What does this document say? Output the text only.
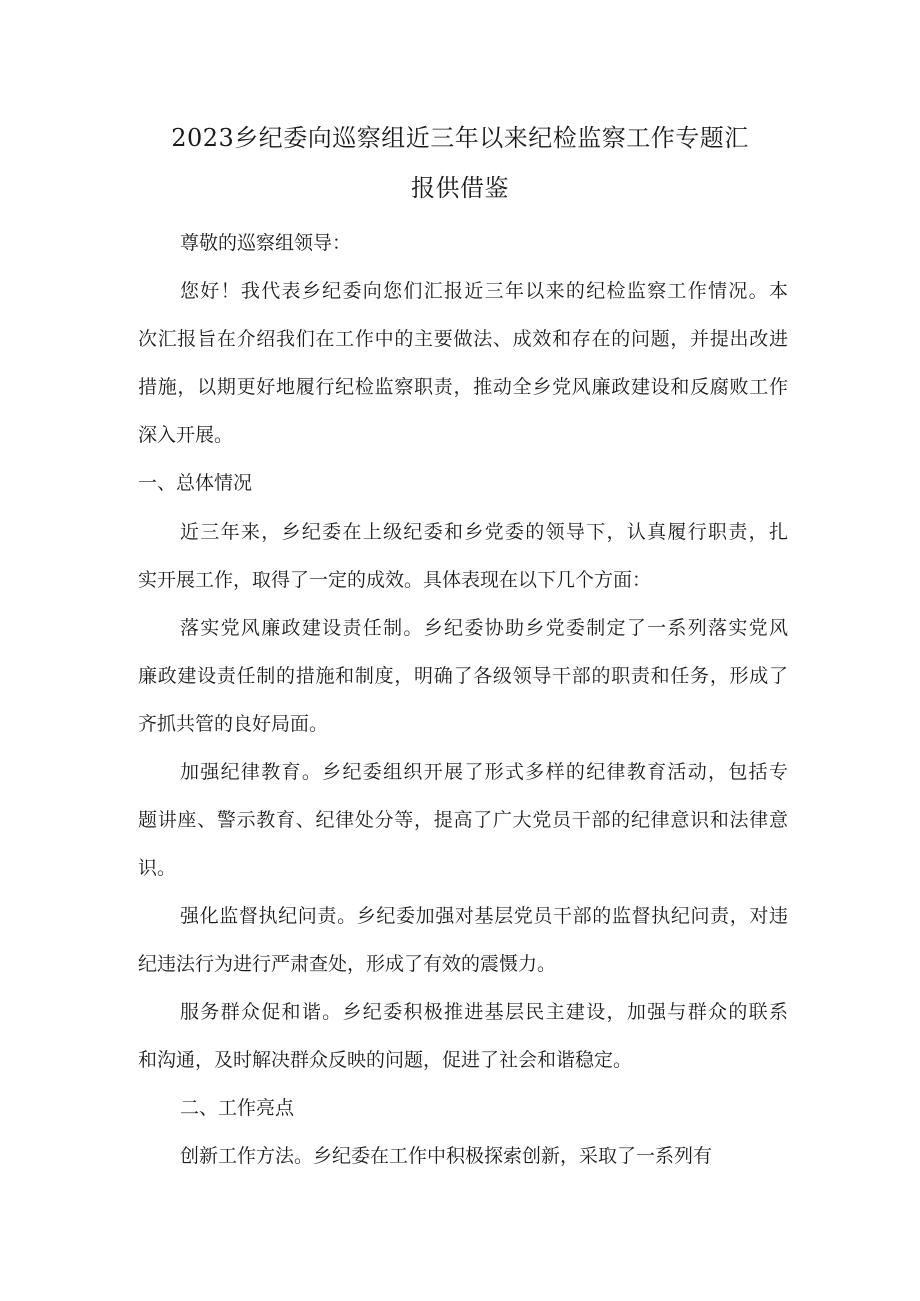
2023乡纪委向巡察组近三年以来纪检监察工作专题汇
报供借鉴
尊敬的巡察组领导：
您好！我代表乡纪委向您们汇报近三年以来的纪检监察工作情况。本
次汇报旨在介绍我们在工作中的主要做法、成效和存在的问题，并提出改进
措施，以期更好地履行纪检监察职责，推动全乡党风廉政建设和反腐败工作
深入开展。
一、总体情况
近三年来，乡纪委在上级纪委和乡党委的领导下，认真履行职责，扎
实开展工作，取得了一定的成效。具体表现在以下几个方面：
落实党风廉政建设责任制。乡纪委协助乡党委制定了一系列落实党风
廉政建设责任制的措施和制度，明确了各级领导干部的职责和任务，形成了
齐抓共管的良好局面。
加强纪律教育。乡纪委组织开展了形式多样的纪律教育活动，包括专
题讲座、警示教育、纪律处分等，提高了广大党员干部的纪律意识和法律意
识。
强化监督执纪问责。乡纪委加强对基层党员干部的监督执纪问责，对违
纪违法行为进行严肃查处，形成了有效的震慑力。
服务群众促和谐。乡纪委积极推进基层民主建设，加强与群众的联系
和沟通，及时解决群众反映的问题，促进了社会和谐稳定。
二、工作亮点
创新工作方法。乡纪委在工作中积极探索创新，采取了一系列有
